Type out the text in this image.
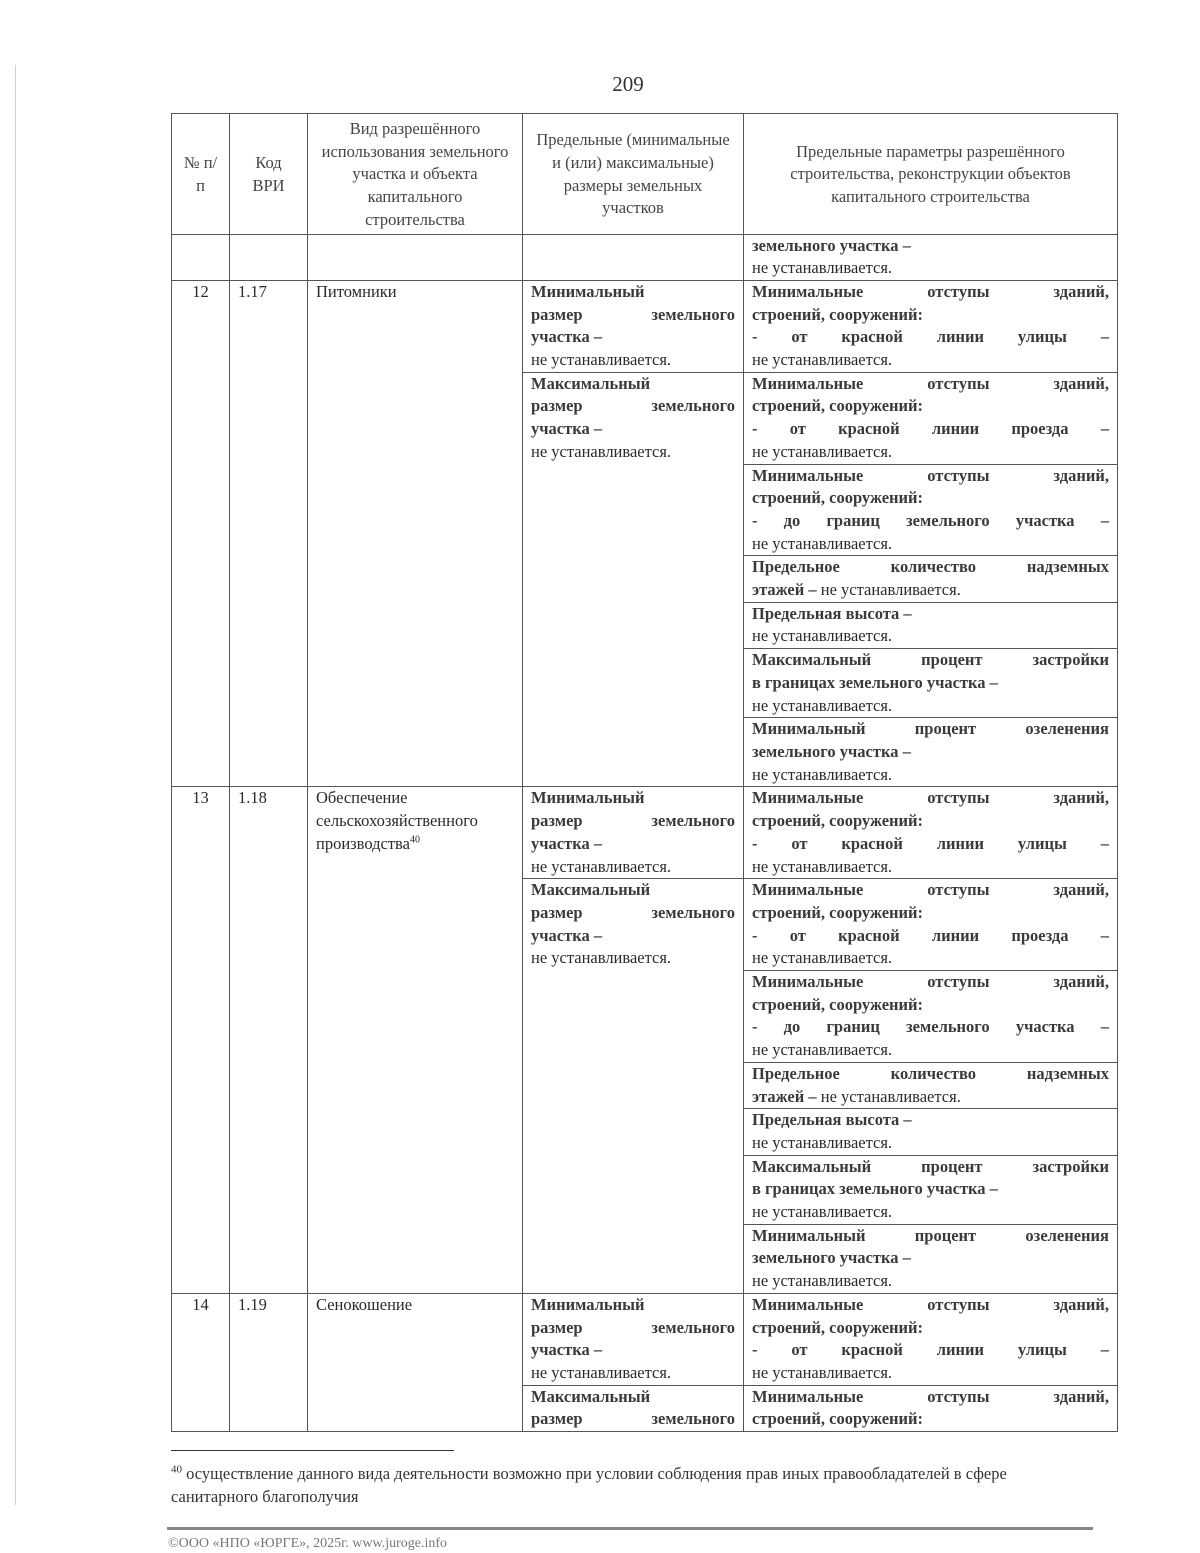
209
№ п/п	Код ВРИ	Вид разрешённого использования земельного участка и объекта капитального строительства	Предельные (минимальные и (или) максимальные) размеры земельных участков	Предельные параметры разрешённого строительства, реконструкции объектов капитального строительства

				земельного участка –
не устанавливается.

12	1.17	Питомники	Минимальный
размер земельного
участка –
не устанавливается.	Минимальные отступы зданий,
строений, сооружений:
- от красной линии улицы –
не устанавливается.

			Максимальный
размер земельного
участка –
не устанавливается.	Минимальные отступы зданий,
строений, сооружений:
- от красной линии проезда –
не устанавливается.

				Минимальные отступы зданий,
строений, сооружений:
- до границ земельного участка –
не устанавливается.

				Предельное количество надземных
этажей – не устанавливается.

				Предельная высота –
не устанавливается.

				Максимальный процент застройки
в границах земельного участка –
не устанавливается.

				Минимальный процент озеленения
земельного участка –
не устанавливается.

13	1.18	Обеспечение сельскохозяйственного производства$^{40}$	Минимальный
размер земельного
участка –
не устанавливается.	Минимальные отступы зданий,
строений, сооружений:
- от красной линии улицы –
не устанавливается.

			Максимальный
размер земельного
участка –
не устанавливается.	Минимальные отступы зданий,
строений, сооружений:
- от красной линии проезда –
не устанавливается.

				Минимальные отступы зданий,
строений, сооружений:
- до границ земельного участка –
не устанавливается.

				Предельное количество надземных
этажей – не устанавливается.

				Предельная высота –
не устанавливается.

				Максимальный процент застройки
в границах земельного участка –
не устанавливается.

				Минимальный процент озеленения
земельного участка –
не устанавливается.

14	1.19	Сенокошение	Минимальный
размер земельного
участка –
не устанавливается.	Минимальные отступы зданий,
строений, сооружений:
- от красной линии улицы –
не устанавливается.

			Максимальный
размер земельного	Минимальные отступы зданий,
строений, сооружений:
$^{40}$ осуществление данного вида деятельности возможно при условии соблюдения прав иных правообладателей в сфере санитарного благополучия
©ООО «НПО «ЮРГЕ», 2025г. www.juroge.info
